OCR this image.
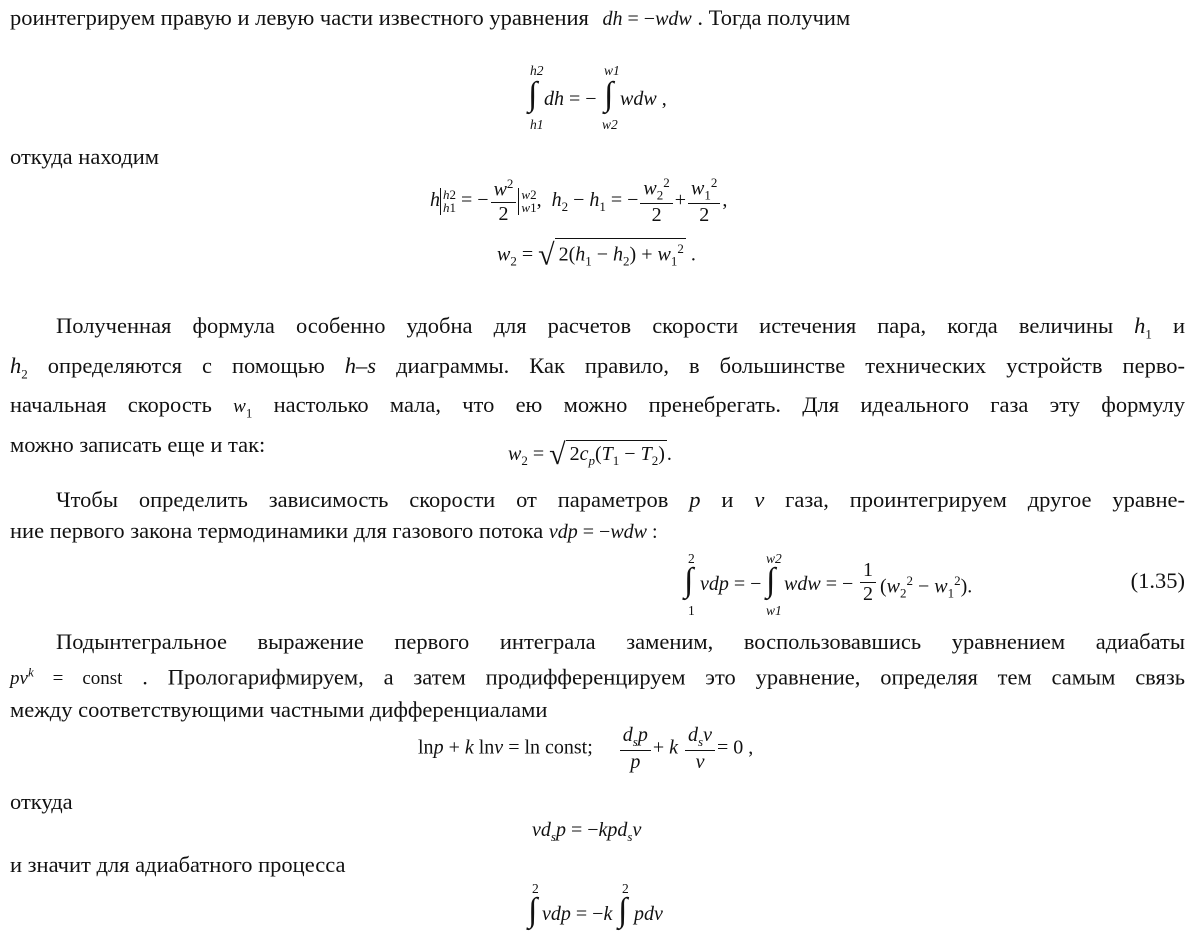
роинтегрируем правую и левую части известного уравнения dh = −wdw . Тогда получим
h2
h1
∫ dh = −
w1
w2
∫ wdw ,
откуда находим
h h2
h1 = − $\frac{w^2}{2} w2$
w1,  $h_2 - h_1$ = − $\frac{w_2^2}{2} + \frac{w_1^2}{2}$ ,
$w_2$ = √ $2(h_1 - h_2) + w_1^2$ .
Полученная формула особенно удобна для расчетов скорости истечения пара, когда величины $h_1$ и
$h_2$ определяются с помощью h–s диаграммы. Как правило, в большинстве технических устройств перво-
начальная скорость $w_1$ настолько мала, что ею можно пренебрегать. Для идеального газа эту формулу
можно записать еще и так:	$w_2$ = √ $2c_p(T_1 - T_2)$ .
Чтобы определить зависимость скорости от параметров p и v газа, проинтегрируем другое уравне-
ние первого закона термодинамики для газового потока vdp = −wdw :
2
1
∫ vdp = −
w2
w1
∫ wdw = − $\frac{1}{2} (w_2^2 - w_1^2)$.	(1.35)
Подынтегральное выражение первого интеграла заменим, воспользовавшись уравнением адиабаты
$pv^k$ = const . Прологарифмируем, а затем продифференцируем это уравнение, определяя тем самым связь
между соответствующими частными дифференциалами
lnp + k lnv = ln const; $\frac{d_sp}{p} + k \frac{d_sv}{v} = 0$ ,
откуда
$vd_sp = -kpd_sv$
и значит для адиабатного процесса
2
∫ vdp = −k
2
∫ pdv
